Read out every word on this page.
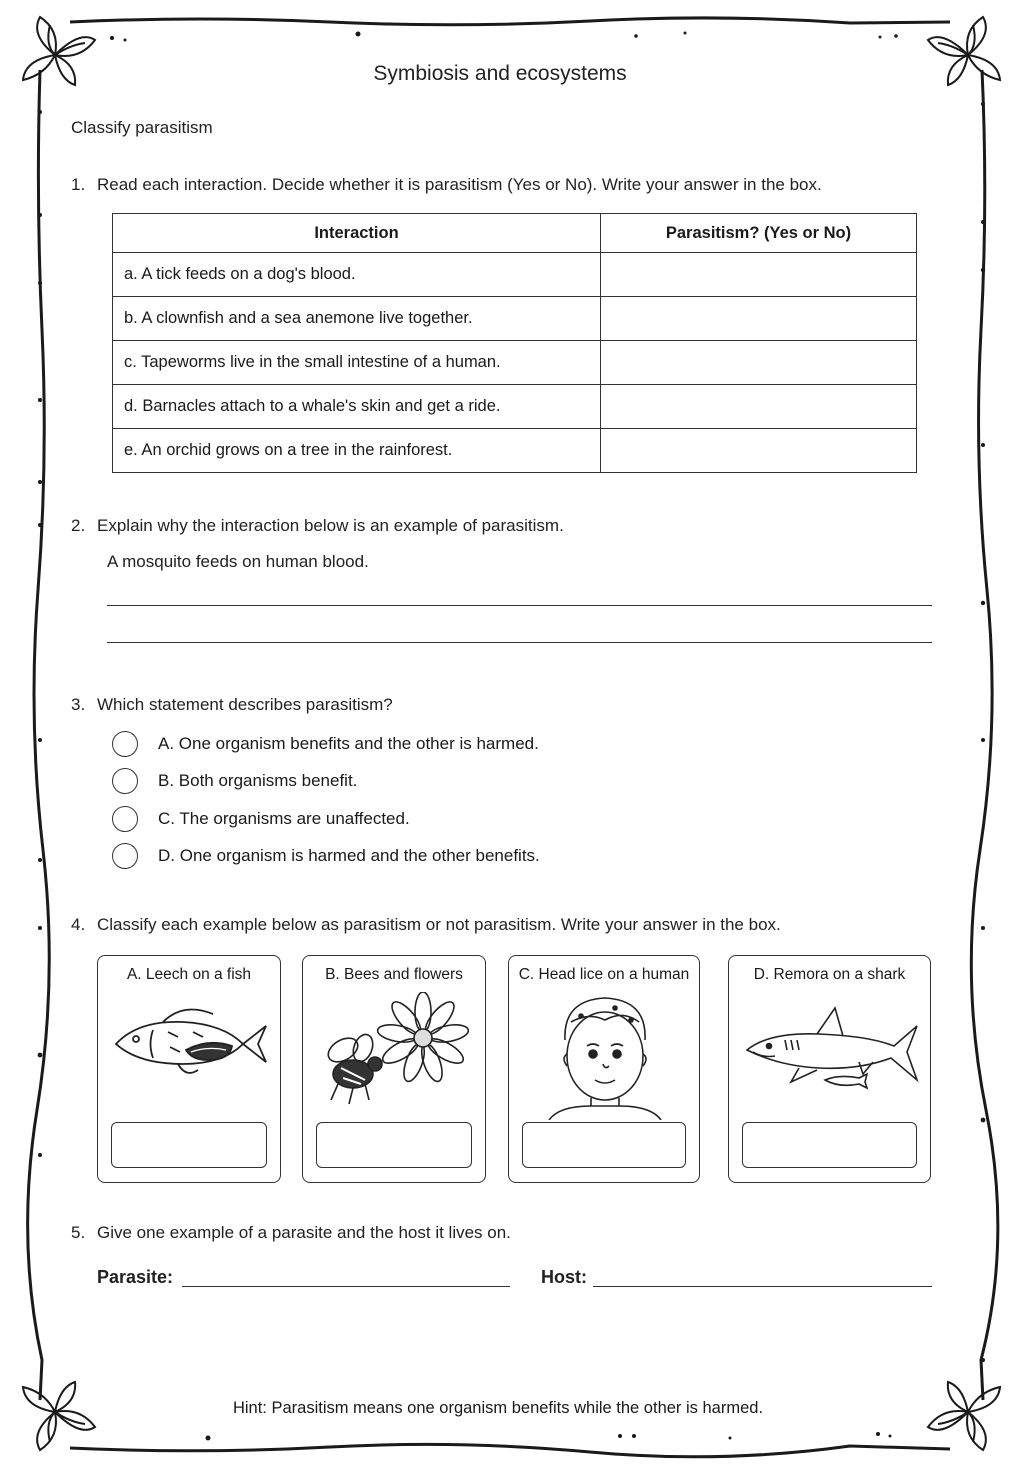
Symbiosis and ecosystems
Classify parasitism
1. Read each interaction. Decide whether it is parasitism (Yes or No). Write your answer in the box.
Interaction	Parasitism? (Yes or No)
a. A tick feeds on a dog's blood.	
b. A clownfish and a sea anemone live together.	
c. Tapeworms live in the small intestine of a human.	
d. Barnacles attach to a whale's skin and get a ride.	
e. An orchid grows on a tree in the rainforest.	
2. Explain why the interaction below is an example of parasitism.
A mosquito feeds on human blood.
3. Which statement describes parasitism?
A. One organism benefits and the other is harmed.
B. Both organisms benefit.
C. The organisms are unaffected.
D. One organism is harmed and the other benefits.
4. Classify each example below as parasitism or not parasitism. Write your answer in the box.
A. Leech on a fish	B. Bees and flowers	C. Head lice on a human	D. Remora on a shark
5. Give one example of a parasite and the host it lives on.
Parasite:	Host:
Hint: Parasitism means one organism benefits while the other is harmed.
